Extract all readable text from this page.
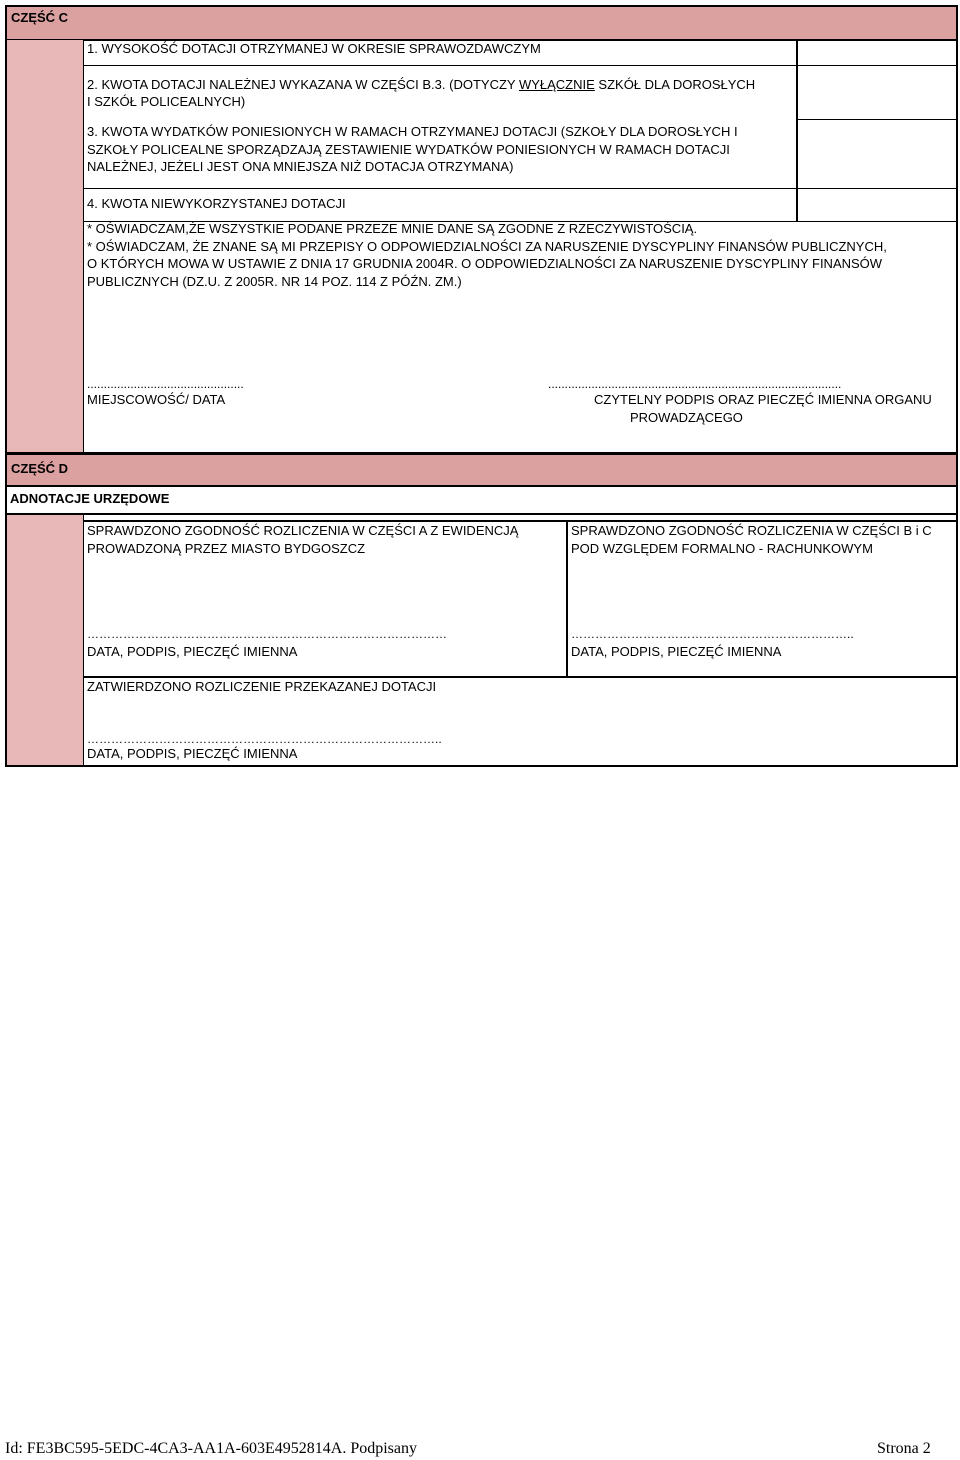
CZĘŚĆ C
1. WYSOKOŚĆ DOTACJI OTRZYMANEJ W OKRESIE SPRAWOZDAWCZYM
2. KWOTA DOTACJI NALEŻNEJ WYKAZANA W CZĘŚCI B.3. (DOTYCZY WYŁĄCZNIE SZKÓŁ DLA DOROSŁYCH
I SZKÓŁ POLICEALNYCH)
3. KWOTA WYDATKÓW PONIESIONYCH W RAMACH OTRZYMANEJ DOTACJI (SZKOŁY DLA DOROSŁYCH I
SZKOŁY POLICEALNE SPORZĄDZAJĄ ZESTAWIENIE WYDATKÓW PONIESIONYCH W RAMACH DOTACJI
NALEŻNEJ, JEŻELI JEST ONA MNIEJSZA NIŻ DOTACJA OTRZYMANA)
4. KWOTA NIEWYKORZYSTANEJ DOTACJI
* OŚWIADCZAM,ŻE WSZYSTKIE PODANE PRZEZE MNIE DANE SĄ ZGODNE Z RZECZYWISTOŚCIĄ.
* OŚWIADCZAM, ŻE ZNANE SĄ MI PRZEPISY O ODPOWIEDZIALNOŚCI ZA NARUSZENIE DYSCYPLINY FINANSÓW PUBLICZNYCH,
O KTÓRYCH MOWA W USTAWIE Z DNIA 17 GRUDNIA 2004R. O ODPOWIEDZIALNOŚCI ZA NARUSZENIE DYSCYPLINY FINANSÓW
PUBLICZNYCH (DZ.U. Z 2005R. NR 14 POZ. 114 Z PÓŹN. ZM.)
...............................................
MIEJSCOWOŚĆ/ DATA
........................................................................................
CZYTELNY PODPIS ORAZ PIECZĘĆ IMIENNA ORGANU
PROWADZĄCEGO
CZĘŚĆ D
ADNOTACJE URZĘDOWE
SPRAWDZONO ZGODNOŚĆ ROZLICZENIA W CZĘŚCI A Z EWIDENCJĄ
PROWADZONĄ PRZEZ MIASTO BYDGOSZCZ
SPRAWDZONO ZGODNOŚĆ ROZLICZENIA W CZĘŚCI B i C
POD WZGLĘDEM FORMALNO - RACHUNKOWYM
………………………………………………………………………………
DATA, PODPIS, PIECZĘĆ IMIENNA
……………………………………………………………..
DATA, PODPIS, PIECZĘĆ IMIENNA
ZATWIERDZONO ROZLICZENIE PRZEKAZANEJ DOTACJI
……………………………………………………………………………..
DATA, PODPIS, PIECZĘĆ IMIENNA
Id: FE3BC595-5EDC-4CA3-AA1A-603E4952814A. Podpisany	Strona 2
